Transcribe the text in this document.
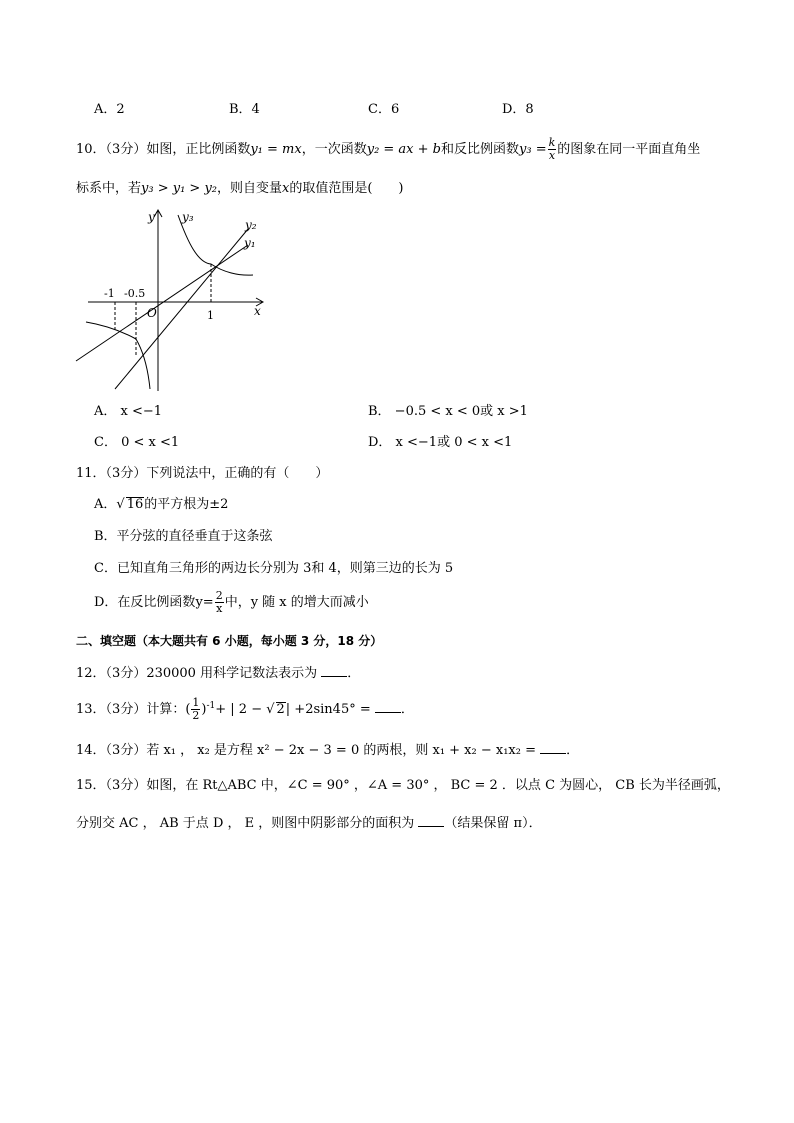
A．2	B．4	C．6	D．8
10．（3分）如图，正比例函数y₁ = mx，一次函数y₂ = ax + b和反比例函数$y_3 = \frac{k}{x}$ 的图象在同一平面直角坐
标系中，若y₃ > y₁ > y₂，则自变量x的取值范围是(　　)
y y₃
y₂
y₁
-1 -0.5
O	1	x
A． x <−1	B． −0.5 < x < 0或 x >1
C． 0 < x <1	D． x <−1或 0 < x <1
11．（3分）下列说法中，正确的有（　　）
A．√ 16的平方根为±2
B．平分弦的直径垂直于这条弦
C．已知直角三角形的两边长分别为 3和 4，则第三边的长为 5
D．在反比例函数$y= \frac{2}{x}$ 中，y 随 x 的增大而减小
二、填空题（本大题共有 6 小题，每小题 3 分，18 分）
12．（3分）230000 用科学记数法表示为 ．
13．（3分）计算：( $\frac{1}{2} )^{-1}+$ | 2 − √ 2| +2sin45° = ．
14．（3分）若 x₁ ， x₂ 是方程 x² − 2x − 3 = 0 的两根，则 x₁ + x₂ − x₁x₂ = ．
15．（3分）如图，在 Rt△ABC 中，∠C = 90° ，∠A = 30° ， BC = 2 ．以点 C 为圆心， CB 长为半径画弧，
分别交 AC ， AB 于点 D ， E ，则图中阴影部分的面积为 （结果保留 π）．
